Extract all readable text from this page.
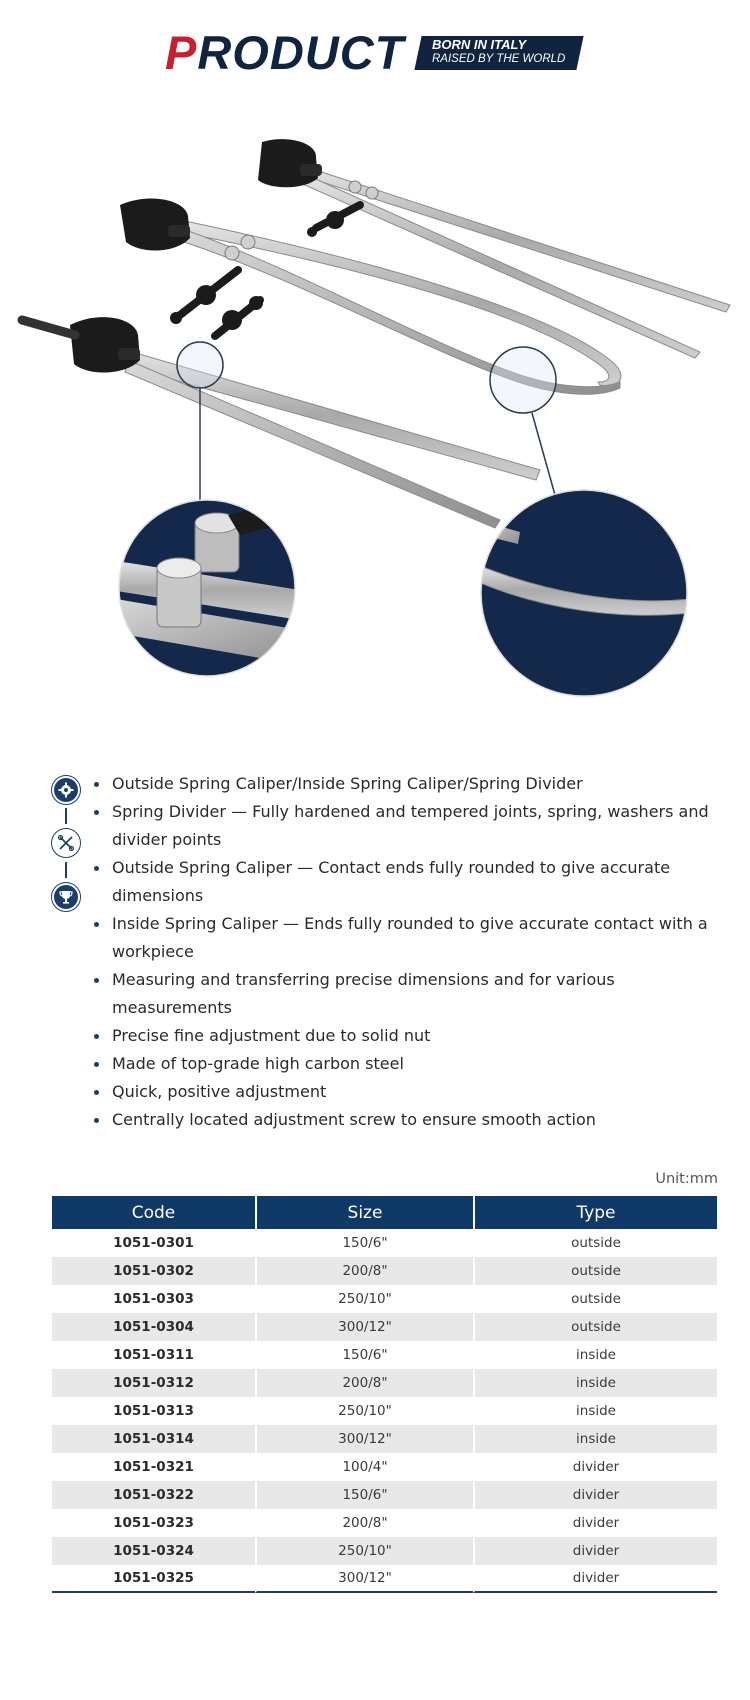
PRODUCT BORN IN ITALY
RAISED BY THE WORLD
Outside Spring Caliper/Inside Spring Caliper/Spring Divider
Spring Divider — Fully hardened and tempered joints, spring, washers and divider points
Outside Spring Caliper — Contact ends fully rounded to give accurate dimensions
Inside Spring Caliper — Ends fully rounded to give accurate contact with a workpiece
Measuring and transferring precise dimensions and for various measurements
Precise fine adjustment due to solid nut
Made of top-grade high carbon steel
Quick, positive adjustment
Centrally located adjustment screw to ensure smooth action
Unit:mm
Code	Size	Type
1051-0301	150/6"	outside
1051-0302	200/8"	outside
1051-0303	250/10"	outside
1051-0304	300/12"	outside
1051-0311	150/6"	inside
1051-0312	200/8"	inside
1051-0313	250/10"	inside
1051-0314	300/12"	inside
1051-0321	100/4"	divider
1051-0322	150/6"	divider
1051-0323	200/8"	divider
1051-0324	250/10"	divider
1051-0325	300/12"	divider
